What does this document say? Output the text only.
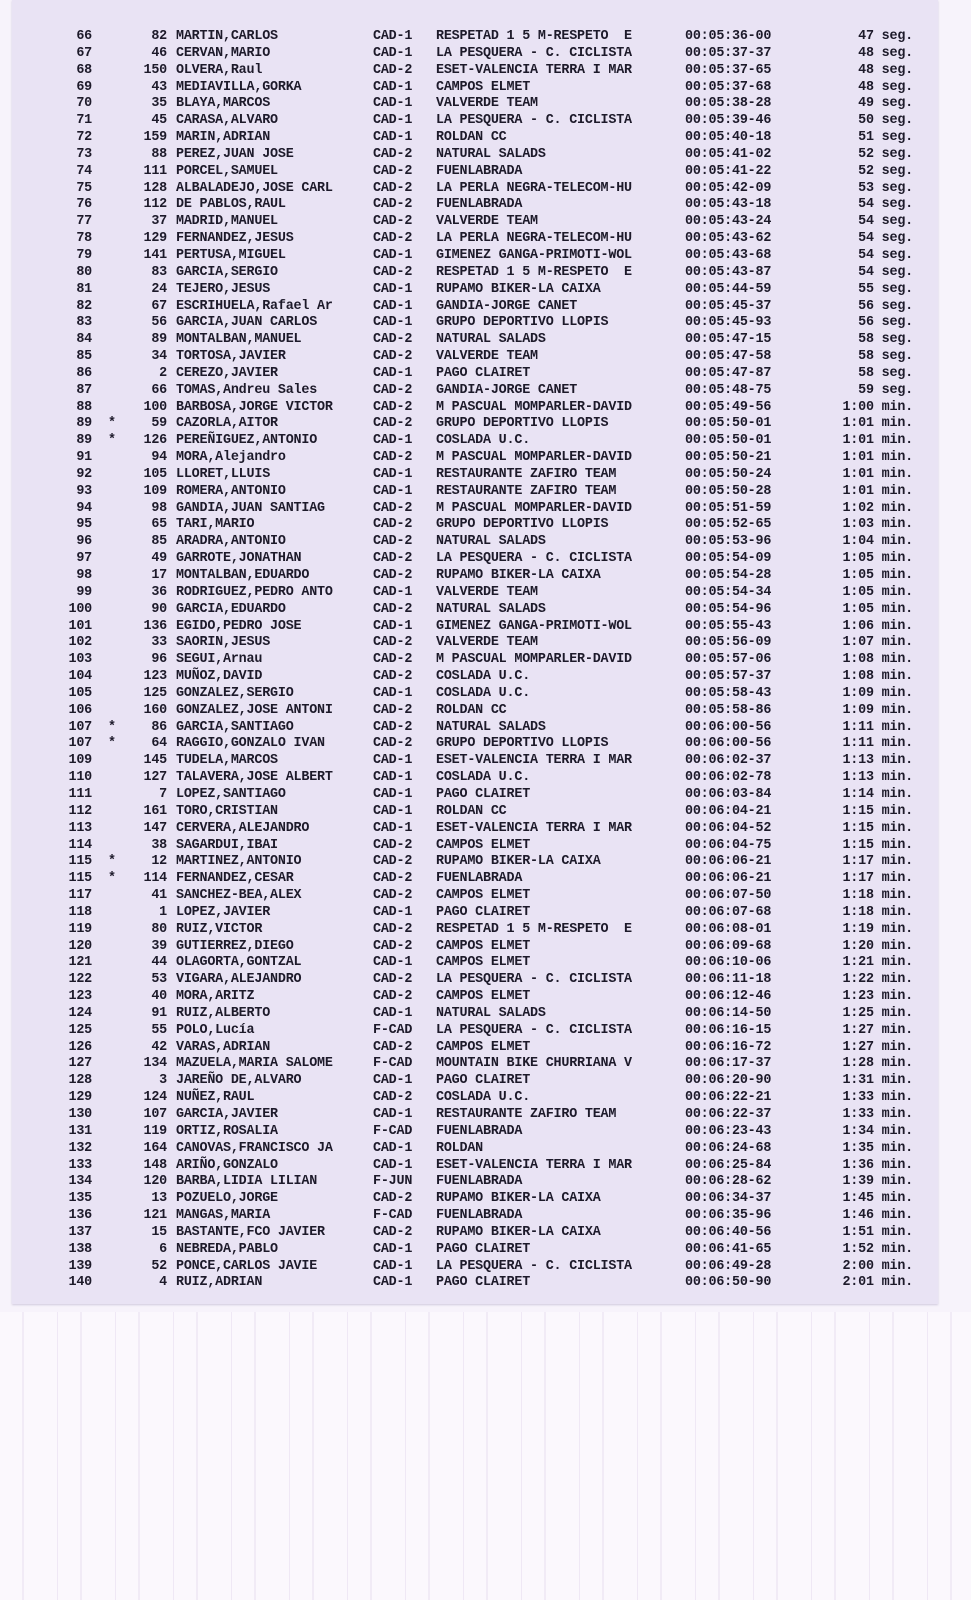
66	82 MARTIN,CARLOS	CAD-1 RESPETAD 1 5 M-RESPETO  E	00:05:36-00	47 seg.
67	46 CERVAN,MARIO	CAD-1 LA PESQUERA - C. CICLISTA	00:05:37-37	48 seg.
68	150 OLVERA,Raul	CAD-2 ESET-VALENCIA TERRA I MAR	00:05:37-65	48 seg.
69	43 MEDIAVILLA,GORKA	CAD-1 CAMPOS ELMET	00:05:37-68	48 seg.
70	35 BLAYA,MARCOS	CAD-1 VALVERDE TEAM	00:05:38-28	49 seg.
71	45 CARASA,ALVARO	CAD-1 LA PESQUERA - C. CICLISTA	00:05:39-46	50 seg.
72	159 MARIN,ADRIAN	CAD-1 ROLDAN CC	00:05:40-18	51 seg.
73	88 PEREZ,JUAN JOSE	CAD-2 NATURAL SALADS	00:05:41-02	52 seg.
74	111 PORCEL,SAMUEL	CAD-2 FUENLABRADA	00:05:41-22	52 seg.
75	128 ALBALADEJO,JOSE CARL	CAD-2 LA PERLA NEGRA-TELECOM-HU	00:05:42-09	53 seg.
76	112 DE PABLOS,RAUL	CAD-2 FUENLABRADA	00:05:43-18	54 seg.
77	37 MADRID,MANUEL	CAD-2 VALVERDE TEAM	00:05:43-24	54 seg.
78	129 FERNANDEZ,JESUS	CAD-2 LA PERLA NEGRA-TELECOM-HU	00:05:43-62	54 seg.
79	141 PERTUSA,MIGUEL	CAD-1 GIMENEZ GANGA-PRIMOTI-WOL	00:05:43-68	54 seg.
80	83 GARCIA,SERGIO	CAD-2 RESPETAD 1 5 M-RESPETO  E	00:05:43-87	54 seg.
81	24 TEJERO,JESUS	CAD-1 RUPAMO BIKER-LA CAIXA	00:05:44-59	55 seg.
82	67 ESCRIHUELA,Rafael Ar	CAD-1 GANDIA-JORGE CANET	00:05:45-37	56 seg.
83	56 GARCIA,JUAN CARLOS	CAD-1 GRUPO DEPORTIVO LLOPIS	00:05:45-93	56 seg.
84	89 MONTALBAN,MANUEL	CAD-2 NATURAL SALADS	00:05:47-15	58 seg.
85	34 TORTOSA,JAVIER	CAD-2 VALVERDE TEAM	00:05:47-58	58 seg.
86	2 CEREZO,JAVIER	CAD-1 PAGO CLAIRET	00:05:47-87	58 seg.
87	66 TOMAS,Andreu Sales	CAD-2 GANDIA-JORGE CANET	00:05:48-75	59 seg.
88	100 BARBOSA,JORGE VICTOR	CAD-2 M PASCUAL MOMPARLER-DAVID	00:05:49-56	1:00 min.
89 *	59 CAZORLA,AITOR	CAD-2 GRUPO DEPORTIVO LLOPIS	00:05:50-01	1:01 min.
89 * 126 PEREÑIGUEZ,ANTONIO	CAD-1 COSLADA U.C.	00:05:50-01	1:01 min.
91	94 MORA,Alejandro	CAD-2 M PASCUAL MOMPARLER-DAVID	00:05:50-21	1:01 min.
92	105 LLORET,LLUIS	CAD-1 RESTAURANTE ZAFIRO TEAM	00:05:50-24	1:01 min.
93	109 ROMERA,ANTONIO	CAD-1 RESTAURANTE ZAFIRO TEAM	00:05:50-28	1:01 min.
94	98 GANDIA,JUAN SANTIAG	CAD-2 M PASCUAL MOMPARLER-DAVID	00:05:51-59	1:02 min.
95	65 TARI,MARIO	CAD-2 GRUPO DEPORTIVO LLOPIS	00:05:52-65	1:03 min.
96	85 ARADRA,ANTONIO	CAD-2 NATURAL SALADS	00:05:53-96	1:04 min.
97	49 GARROTE,JONATHAN	CAD-2 LA PESQUERA - C. CICLISTA	00:05:54-09	1:05 min.
98	17 MONTALBAN,EDUARDO	CAD-2 RUPAMO BIKER-LA CAIXA	00:05:54-28	1:05 min.
99	36 RODRIGUEZ,PEDRO ANTO	CAD-1 VALVERDE TEAM	00:05:54-34	1:05 min.
100	90 GARCIA,EDUARDO	CAD-2 NATURAL SALADS	00:05:54-96	1:05 min.
101	136 EGIDO,PEDRO JOSE	CAD-1 GIMENEZ GANGA-PRIMOTI-WOL	00:05:55-43	1:06 min.
102	33 SAORIN,JESUS	CAD-2 VALVERDE TEAM	00:05:56-09	1:07 min.
103	96 SEGUI,Arnau	CAD-2 M PASCUAL MOMPARLER-DAVID	00:05:57-06	1:08 min.
104	123 MUÑOZ,DAVID	CAD-2 COSLADA U.C.	00:05:57-37	1:08 min.
105	125 GONZALEZ,SERGIO	CAD-1 COSLADA U.C.	00:05:58-43	1:09 min.
106	160 GONZALEZ,JOSE ANTONI	CAD-2 ROLDAN CC	00:05:58-86	1:09 min.
107 *	86 GARCIA,SANTIAGO	CAD-2 NATURAL SALADS	00:06:00-56	1:11 min.
107 *	64 RAGGIO,GONZALO IVAN	CAD-2 GRUPO DEPORTIVO LLOPIS	00:06:00-56	1:11 min.
109	145 TUDELA,MARCOS	CAD-1 ESET-VALENCIA TERRA I MAR	00:06:02-37	1:13 min.
110	127 TALAVERA,JOSE ALBERT	CAD-1 COSLADA U.C.	00:06:02-78	1:13 min.
111	7 LOPEZ,SANTIAGO	CAD-1 PAGO CLAIRET	00:06:03-84	1:14 min.
112	161 TORO,CRISTIAN	CAD-1 ROLDAN CC	00:06:04-21	1:15 min.
113	147 CERVERA,ALEJANDRO	CAD-1 ESET-VALENCIA TERRA I MAR	00:06:04-52	1:15 min.
114	38 SAGARDUI,IBAI	CAD-2 CAMPOS ELMET	00:06:04-75	1:15 min.
115 *	12 MARTINEZ,ANTONIO	CAD-2 RUPAMO BIKER-LA CAIXA	00:06:06-21	1:17 min.
115 * 114 FERNANDEZ,CESAR	CAD-2 FUENLABRADA	00:06:06-21	1:17 min.
117	41 SANCHEZ-BEA,ALEX	CAD-2 CAMPOS ELMET	00:06:07-50	1:18 min.
118	1 LOPEZ,JAVIER	CAD-1 PAGO CLAIRET	00:06:07-68	1:18 min.
119	80 RUIZ,VICTOR	CAD-2 RESPETAD 1 5 M-RESPETO  E	00:06:08-01	1:19 min.
120	39 GUTIERREZ,DIEGO	CAD-2 CAMPOS ELMET	00:06:09-68	1:20 min.
121	44 OLAGORTA,GONTZAL	CAD-1 CAMPOS ELMET	00:06:10-06	1:21 min.
122	53 VIGARA,ALEJANDRO	CAD-2 LA PESQUERA - C. CICLISTA	00:06:11-18	1:22 min.
123	40 MORA,ARITZ	CAD-2 CAMPOS ELMET	00:06:12-46	1:23 min.
124	91 RUIZ,ALBERTO	CAD-1 NATURAL SALADS	00:06:14-50	1:25 min.
125	55 POLO,Lucía	F-CAD LA PESQUERA - C. CICLISTA	00:06:16-15	1:27 min.
126	42 VARAS,ADRIAN	CAD-2 CAMPOS ELMET	00:06:16-72	1:27 min.
127	134 MAZUELA,MARIA SALOME	F-CAD MOUNTAIN BIKE CHURRIANA V	00:06:17-37	1:28 min.
128	3 JAREÑO DE,ALVARO	CAD-1 PAGO CLAIRET	00:06:20-90	1:31 min.
129	124 NUÑEZ,RAUL	CAD-2 COSLADA U.C.	00:06:22-21	1:33 min.
130	107 GARCIA,JAVIER	CAD-1 RESTAURANTE ZAFIRO TEAM	00:06:22-37	1:33 min.
131	119 ORTIZ,ROSALIA	F-CAD FUENLABRADA	00:06:23-43	1:34 min.
132	164 CANOVAS,FRANCISCO JA	CAD-1 ROLDAN	00:06:24-68	1:35 min.
133	148 ARIÑO,GONZALO	CAD-1 ESET-VALENCIA TERRA I MAR	00:06:25-84	1:36 min.
134	120 BARBA,LIDIA LILIAN	F-JUN FUENLABRADA	00:06:28-62	1:39 min.
135	13 POZUELO,JORGE	CAD-2 RUPAMO BIKER-LA CAIXA	00:06:34-37	1:45 min.
136	121 MANGAS,MARIA	F-CAD FUENLABRADA	00:06:35-96	1:46 min.
137	15 BASTANTE,FCO JAVIER	CAD-2 RUPAMO BIKER-LA CAIXA	00:06:40-56	1:51 min.
138	6 NEBREDA,PABLO	CAD-1 PAGO CLAIRET	00:06:41-65	1:52 min.
139	52 PONCE,CARLOS JAVIE	CAD-1 LA PESQUERA - C. CICLISTA	00:06:49-28	2:00 min.
140	4 RUIZ,ADRIAN	CAD-1 PAGO CLAIRET	00:06:50-90	2:01 min.
